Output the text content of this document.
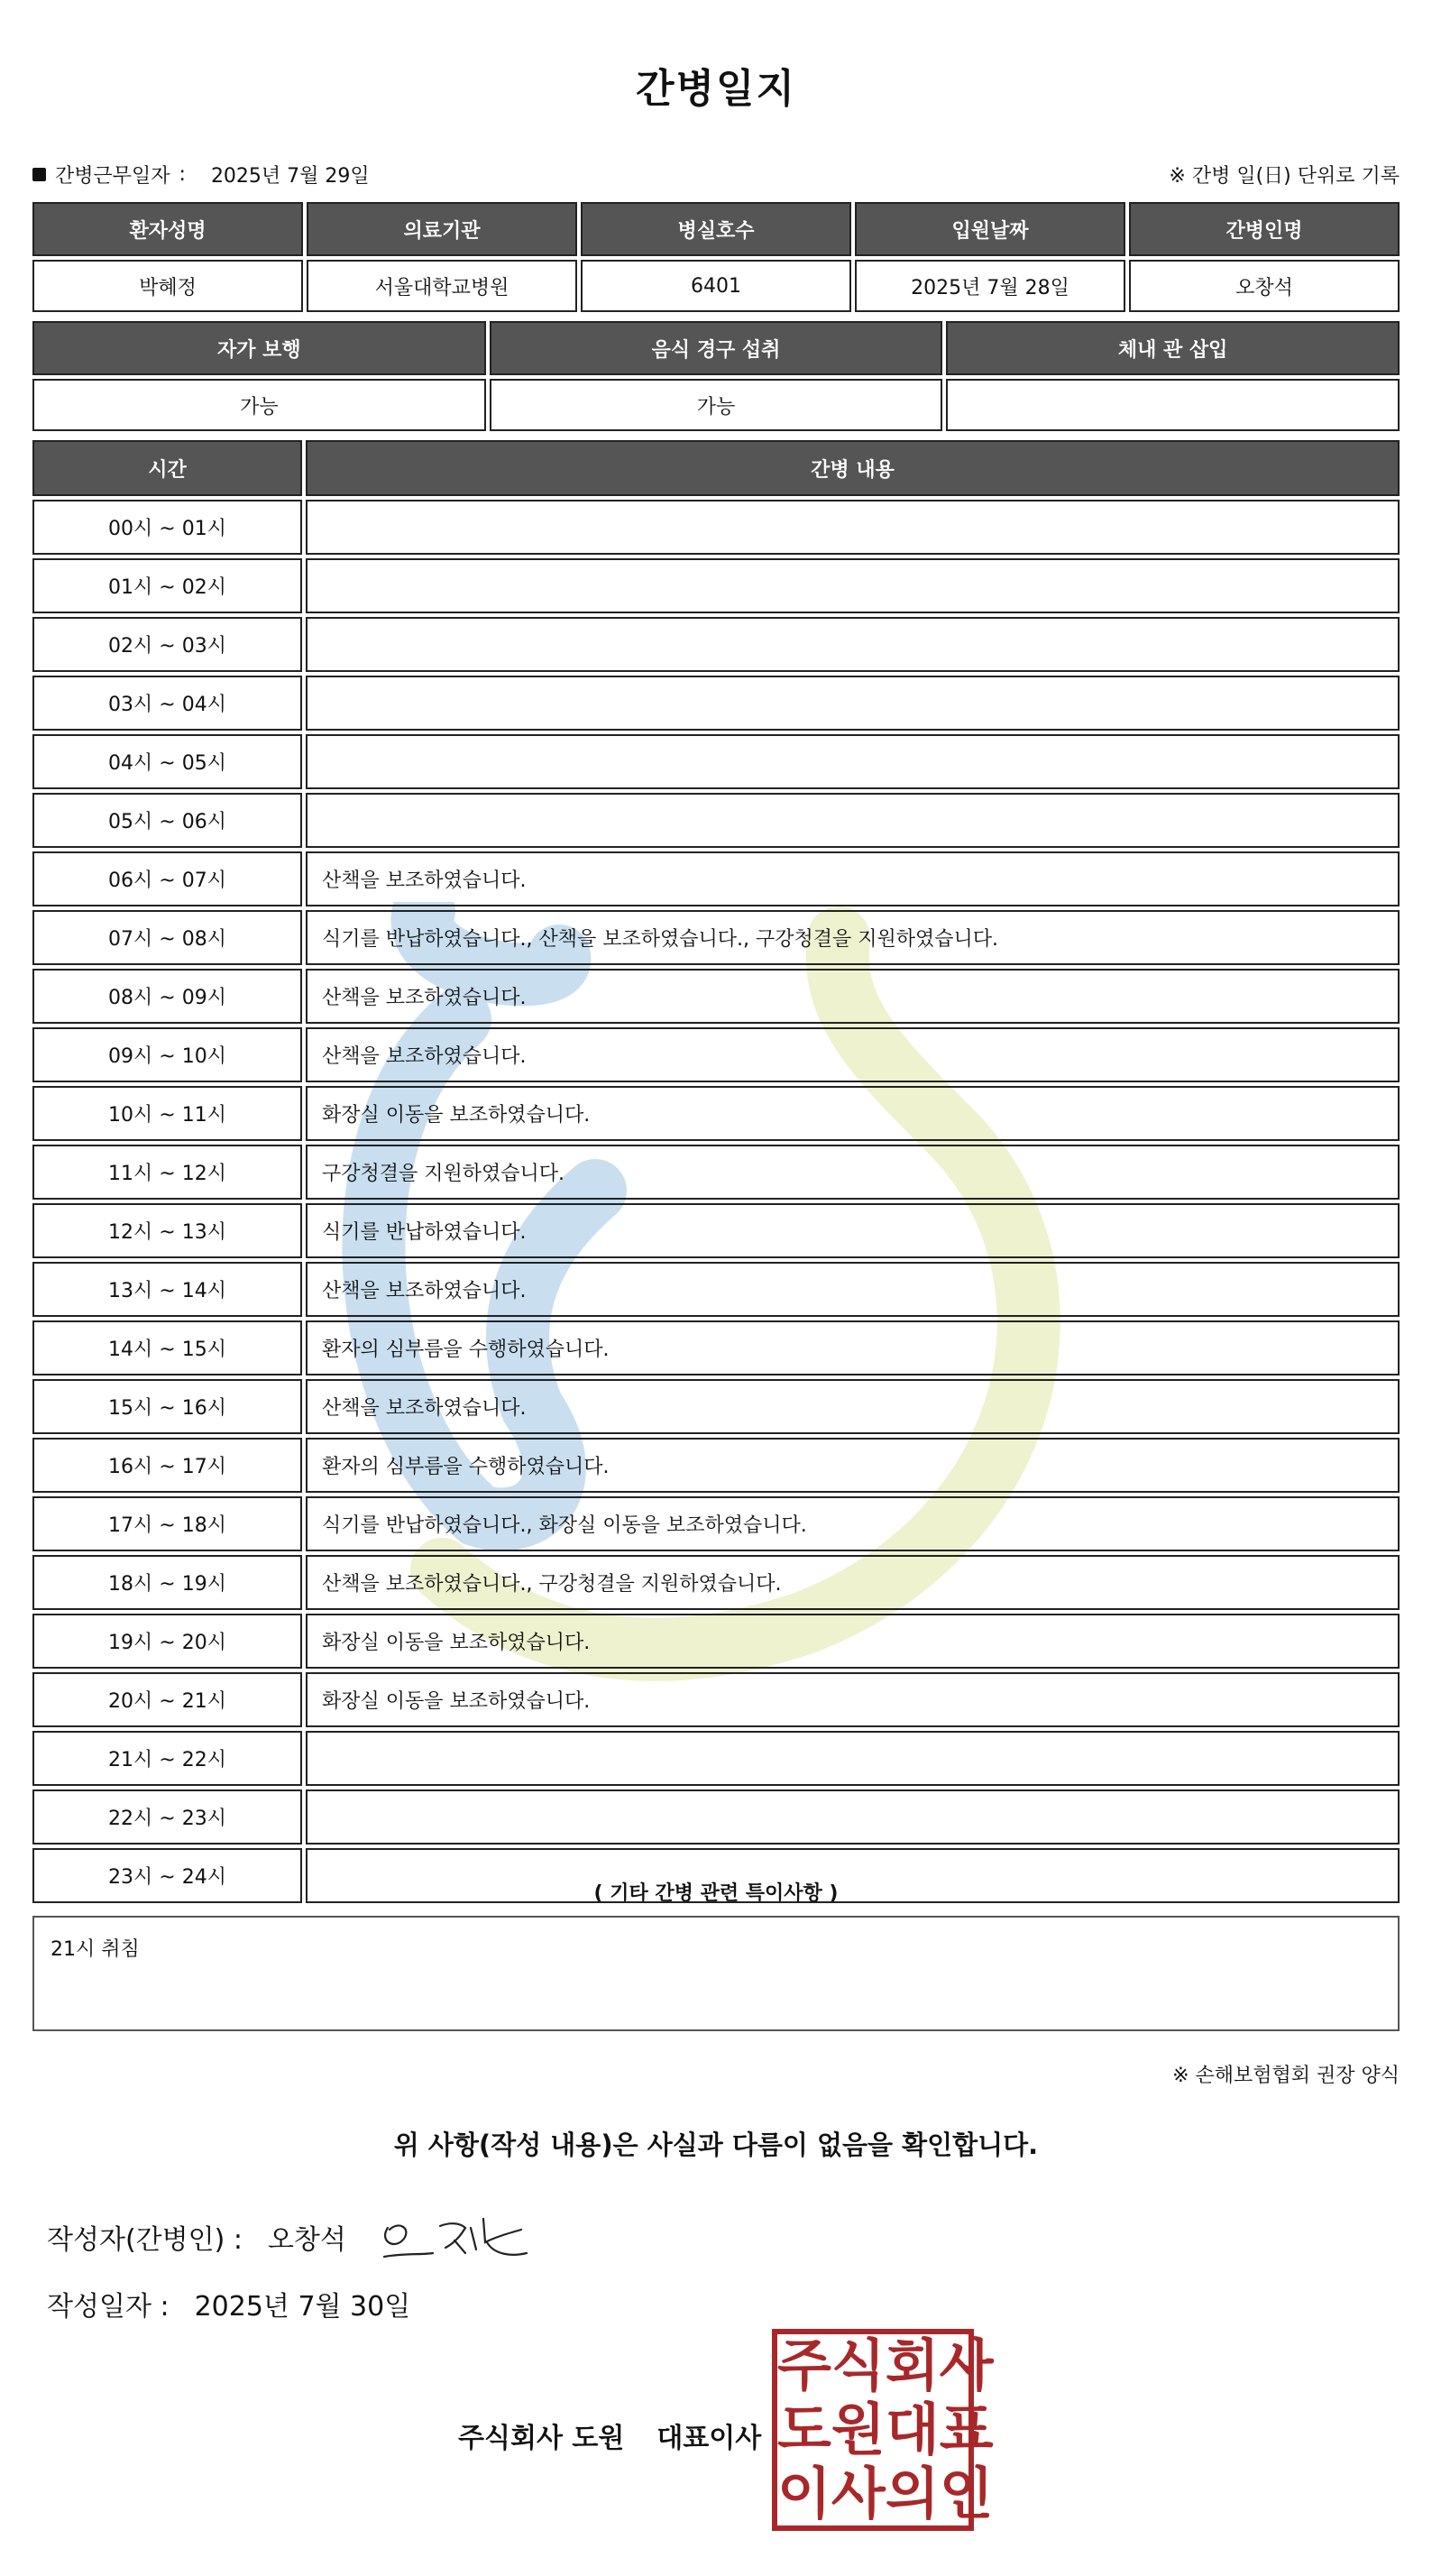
간병일지
간병근무일자 : 2025년 7월 29일	※ 간병 일(日) 단위로 기록
환자성명	의료기관	병실호수	입원날짜	간병인명
박혜정	서울대학교병원	6401	2025년 7월 28일	오창석
자가 보행	음식 경구 섭취	체내 관 삽입
가능	가능	
시간	간병 내용
00시 ~ 01시	
01시 ~ 02시	
02시 ~ 03시	
03시 ~ 04시	
04시 ~ 05시	
05시 ~ 06시	
06시 ~ 07시	산책을 보조하였습니다.
07시 ~ 08시	식기를 반납하였습니다., 산책을 보조하였습니다., 구강청결을 지원하였습니다.
08시 ~ 09시	산책을 보조하였습니다.
09시 ~ 10시	산책을 보조하였습니다.
10시 ~ 11시	화장실 이동을 보조하였습니다.
11시 ~ 12시	구강청결을 지원하였습니다.
12시 ~ 13시	식기를 반납하였습니다.
13시 ~ 14시	산책을 보조하였습니다.
14시 ~ 15시	환자의 심부름을 수행하였습니다.
15시 ~ 16시	산책을 보조하였습니다.
16시 ~ 17시	환자의 심부름을 수행하였습니다.
17시 ~ 18시	식기를 반납하였습니다., 화장실 이동을 보조하였습니다.
18시 ~ 19시	산책을 보조하였습니다., 구강청결을 지원하였습니다.
19시 ~ 20시	화장실 이동을 보조하였습니다.
20시 ~ 21시	화장실 이동을 보조하였습니다.
21시 ~ 22시	
22시 ~ 23시	
23시 ~ 24시	
( 기타 간병 관련 특이사항 )
21시 취침
※ 손해보험협회 권장 양식
위 사항(작성 내용)은 사실과 다름이 없음을 확인합니다.
작성자(간병인) : 오창석
작성일자 : 2025년 7월 30일
주식회사 도원 대표이사
주 식 회 사
도 원 대 표
이 사 의 인
